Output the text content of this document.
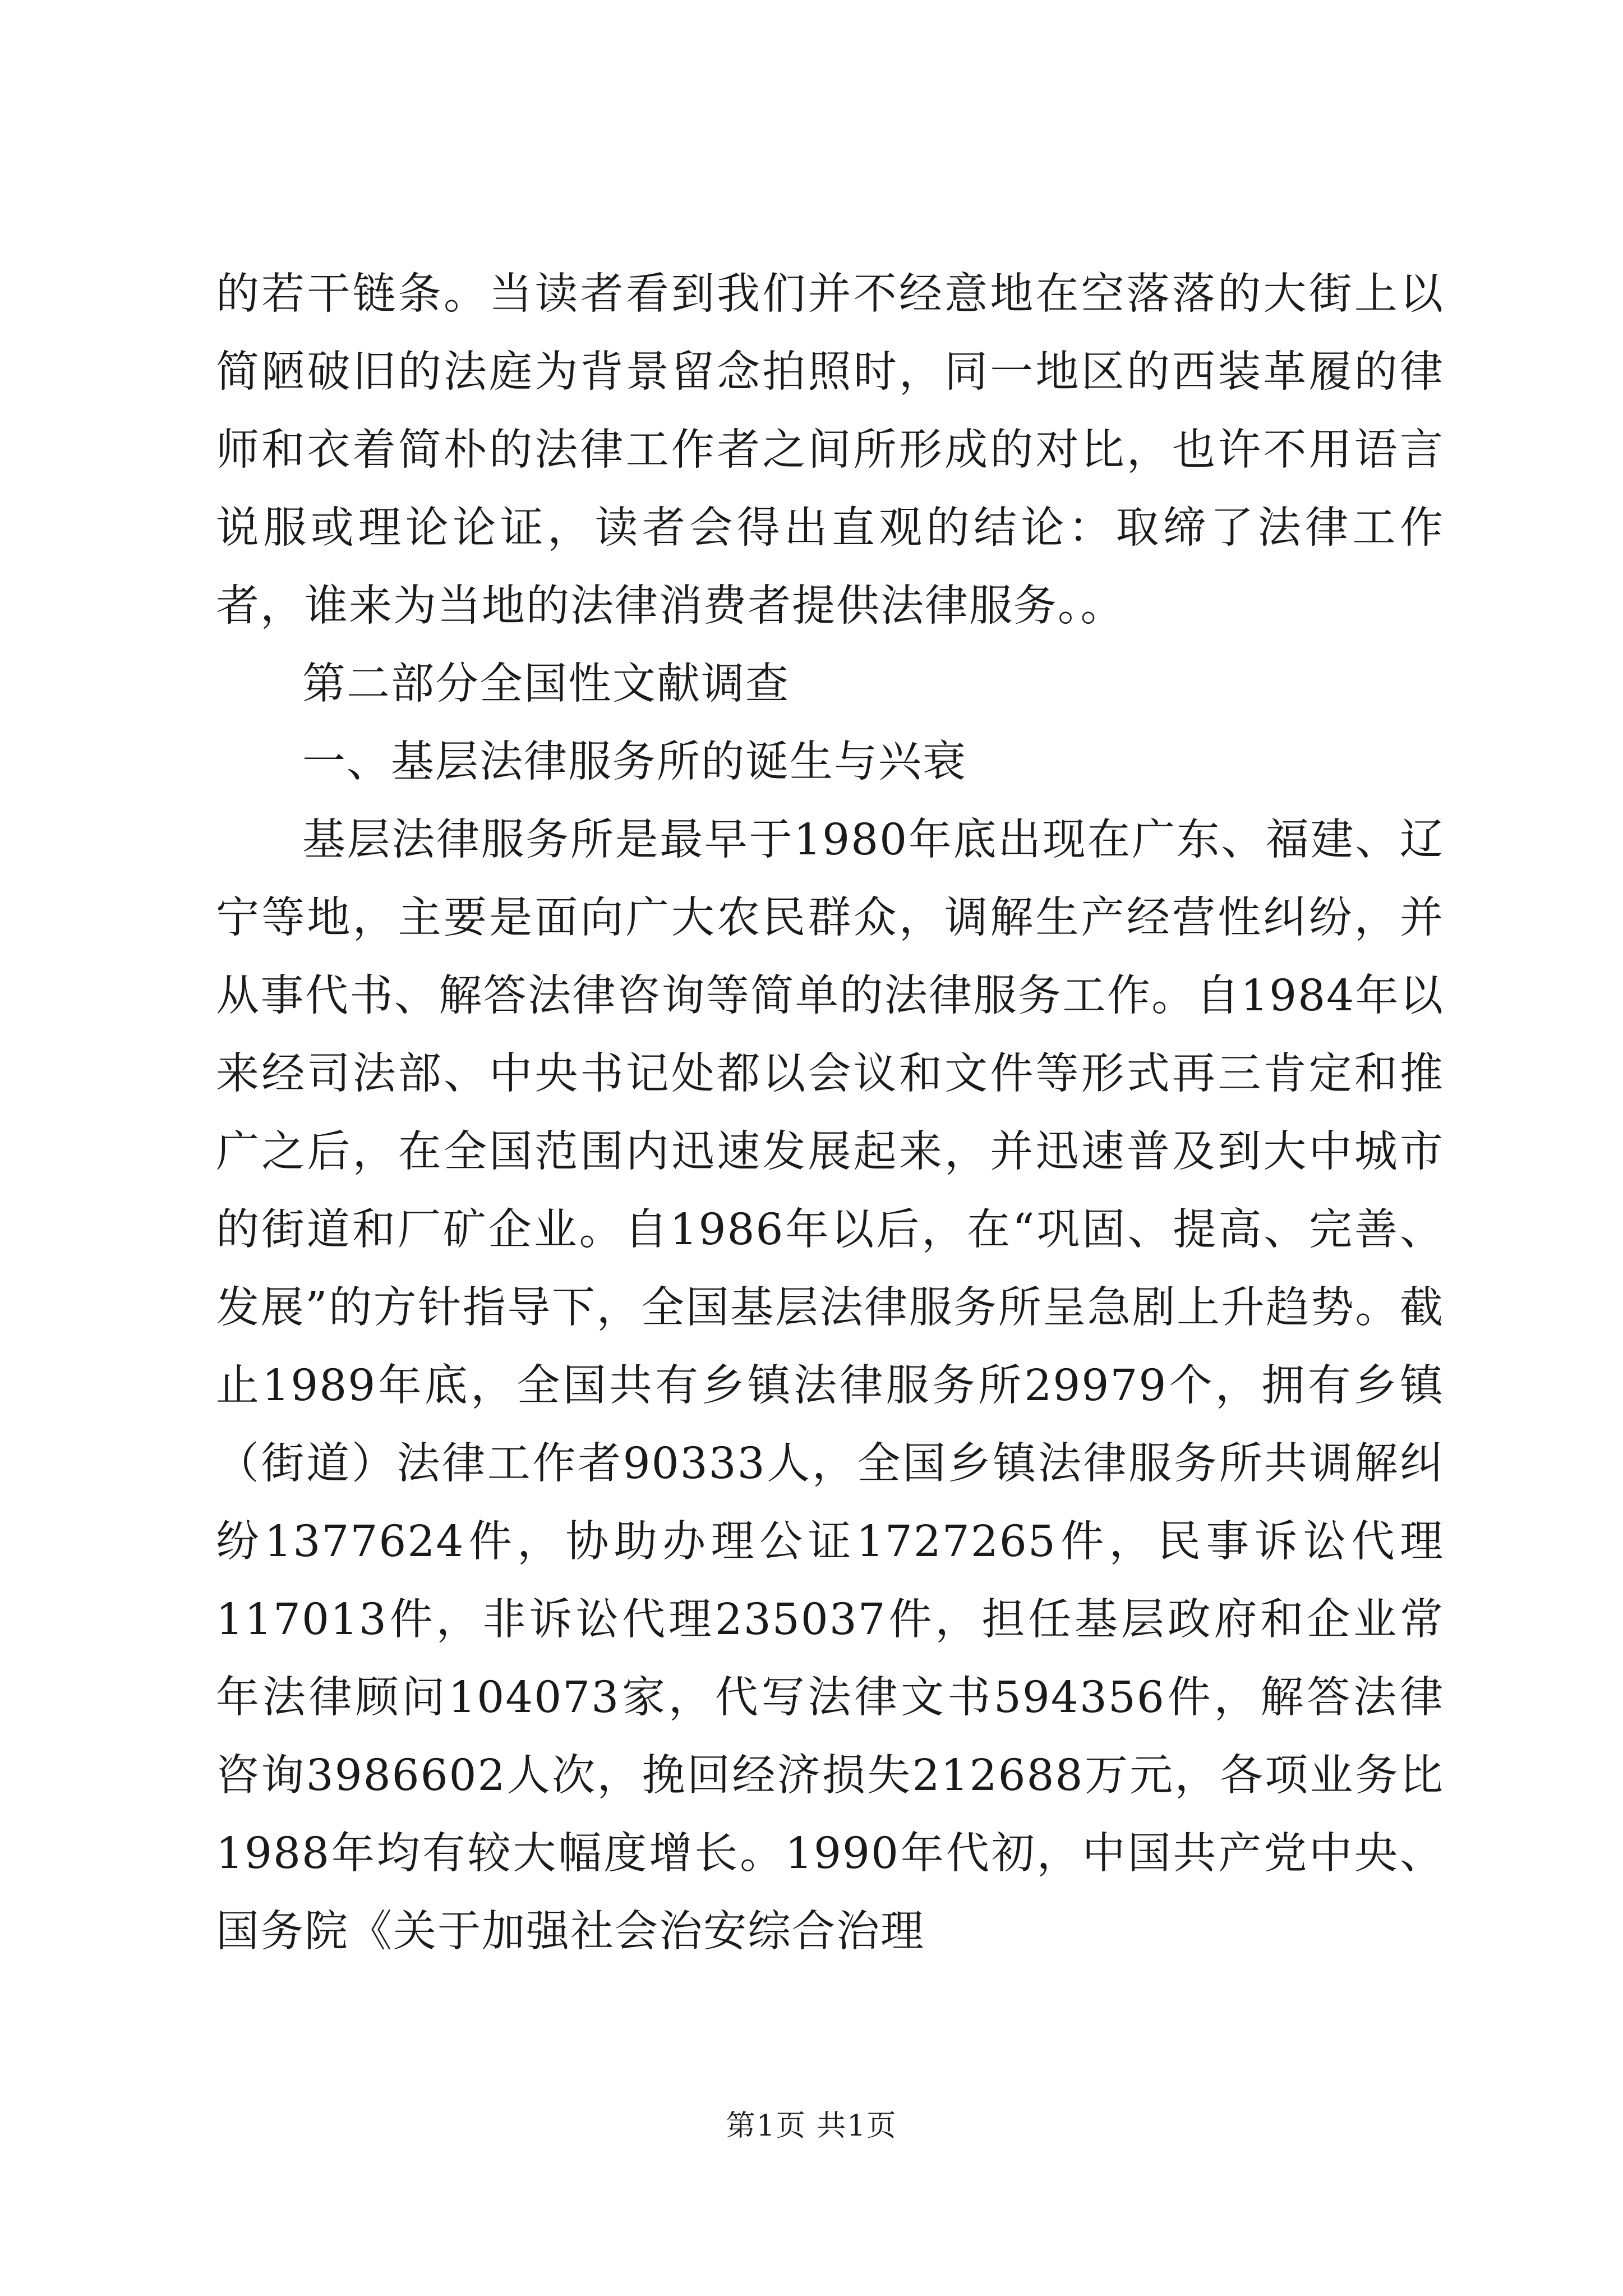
的若干链条。当读者看到我们并不经意地在空落落的大街上以简陋破旧的法庭为背景留念拍照时，同一地区的西装革履的律师和衣着简朴的法律工作者之间所形成的对比，也许不用语言说服或理论论证，读者会得出直观的结论：取缔了法律工作者，谁来为当地的法律消费者提供法律服务。。

第二部分全国性文献调查

一、基层法律服务所的诞生与兴衰

基层法律服务所是最早于1980年底出现在广东、福建、辽宁等地，主要是面向广大农民群众，调解生产经营性纠纷，并从事代书、解答法律咨询等简单的法律服务工作。自1984年以来经司法部、中央书记处都以会议和文件等形式再三肯定和推广之后，在全国范围内迅速发展起来，并迅速普及到大中城市的街道和厂矿企业。自1986年以后，在“巩固、提高、完善、发展”的方针指导下，全国基层法律服务所呈急剧上升趋势。截止1989年底，全国共有乡镇法律服务所29979个，拥有乡镇（街道）法律工作者90333人，全国乡镇法律服务所共调解纠纷1377624件，协助办理公证1727265件，民事诉讼代理117013件，非诉讼代理235037件，担任基层政府和企业常年法律顾问104073家，代写法律文书594356件，解答法律咨询3986602人次，挽回经济损失212688万元，各项业务比1988年均有较大幅度增长。1990年代初，中国共产党中央、国务院《关于加强社会治安综合治理

第1页 共1页
